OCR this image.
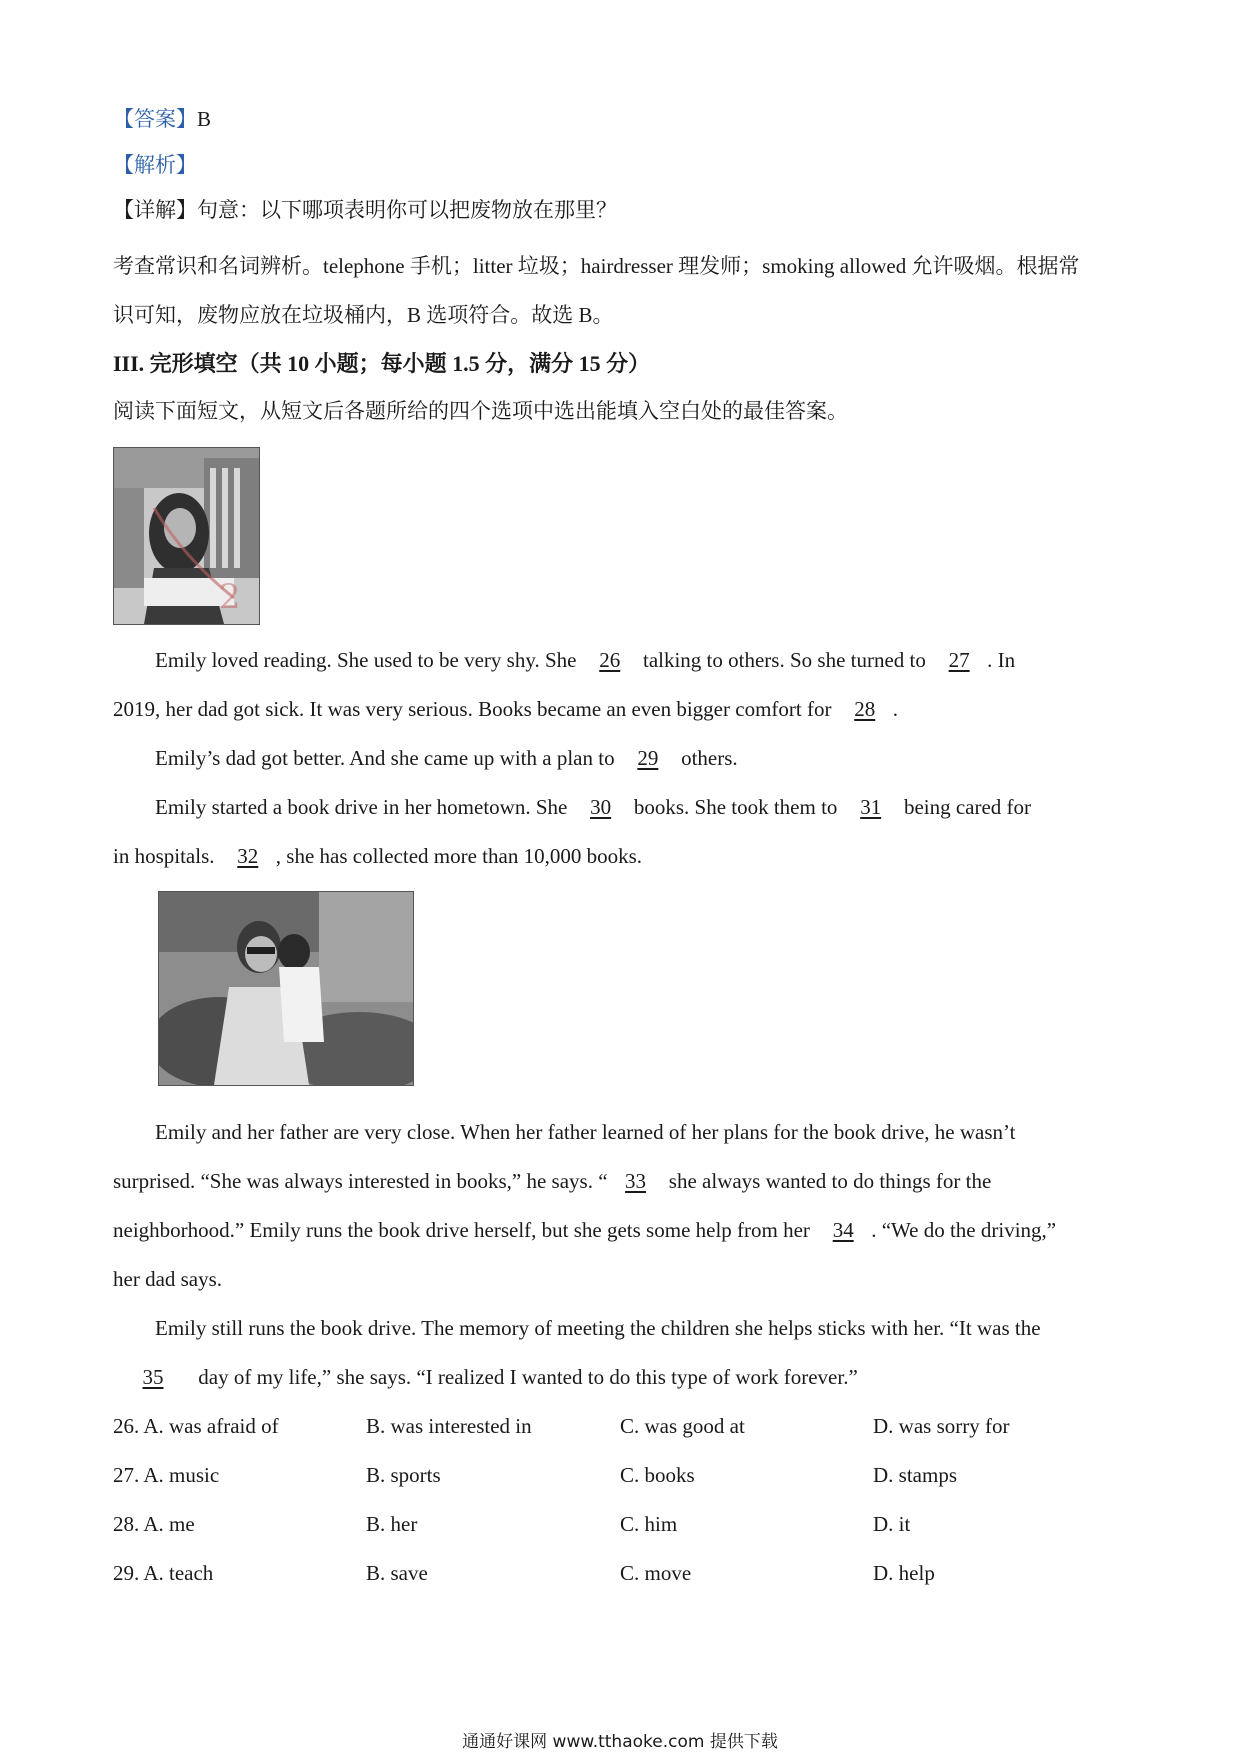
【答案】B
【解析】
【详解】句意：以下哪项表明你可以把废物放在那里？
考查常识和名词辨析。telephone 手机；litter 垃圾；hairdresser 理发师；smoking allowed 允许吸烟。根据常
识可知，废物应放在垃圾桶内，B 选项符合。故选 B。
III. 完形填空（共 10 小题；每小题 1.5 分，满分 15 分）
阅读下面短文，从短文后各题所给的四个选项中选出能填入空白处的最佳答案。
2
Emily loved reading. She used to be very shy. She 26 talking to others. So she turned to 27 . In
2019, her dad got sick. It was very serious. Books became an even bigger comfort for 28 .
Emily’s dad got better. And she came up with a plan to 29 others.
Emily started a book drive in her hometown. She 30 books. She took them to 31 being cared for
in hospitals. 32 , she has collected more than 10,000 books.
Emily and her father are very close. When her father learned of her plans for the book drive, he wasn’t
surprised. “She was always interested in books,” he says. “ 33 she always wanted to do things for the
neighborhood.” Emily runs the book drive herself, but she gets some help from her 34 . “We do the driving,”
her dad says.
Emily still runs the book drive. The memory of meeting the children she helps sticks with her. “It was the
35 day of my life,” she says. “I realized I wanted to do this type of work forever.”
26. A. was afraid of	B. was interested in	C. was good at	D. was sorry for
27. A. music	B. sports	C. books	D. stamps
28. A. me	B. her	C. him	D. it
29. A. teach	B. save	C. move	D. help
通通好课网 www.tthaoke.com 提供下载
